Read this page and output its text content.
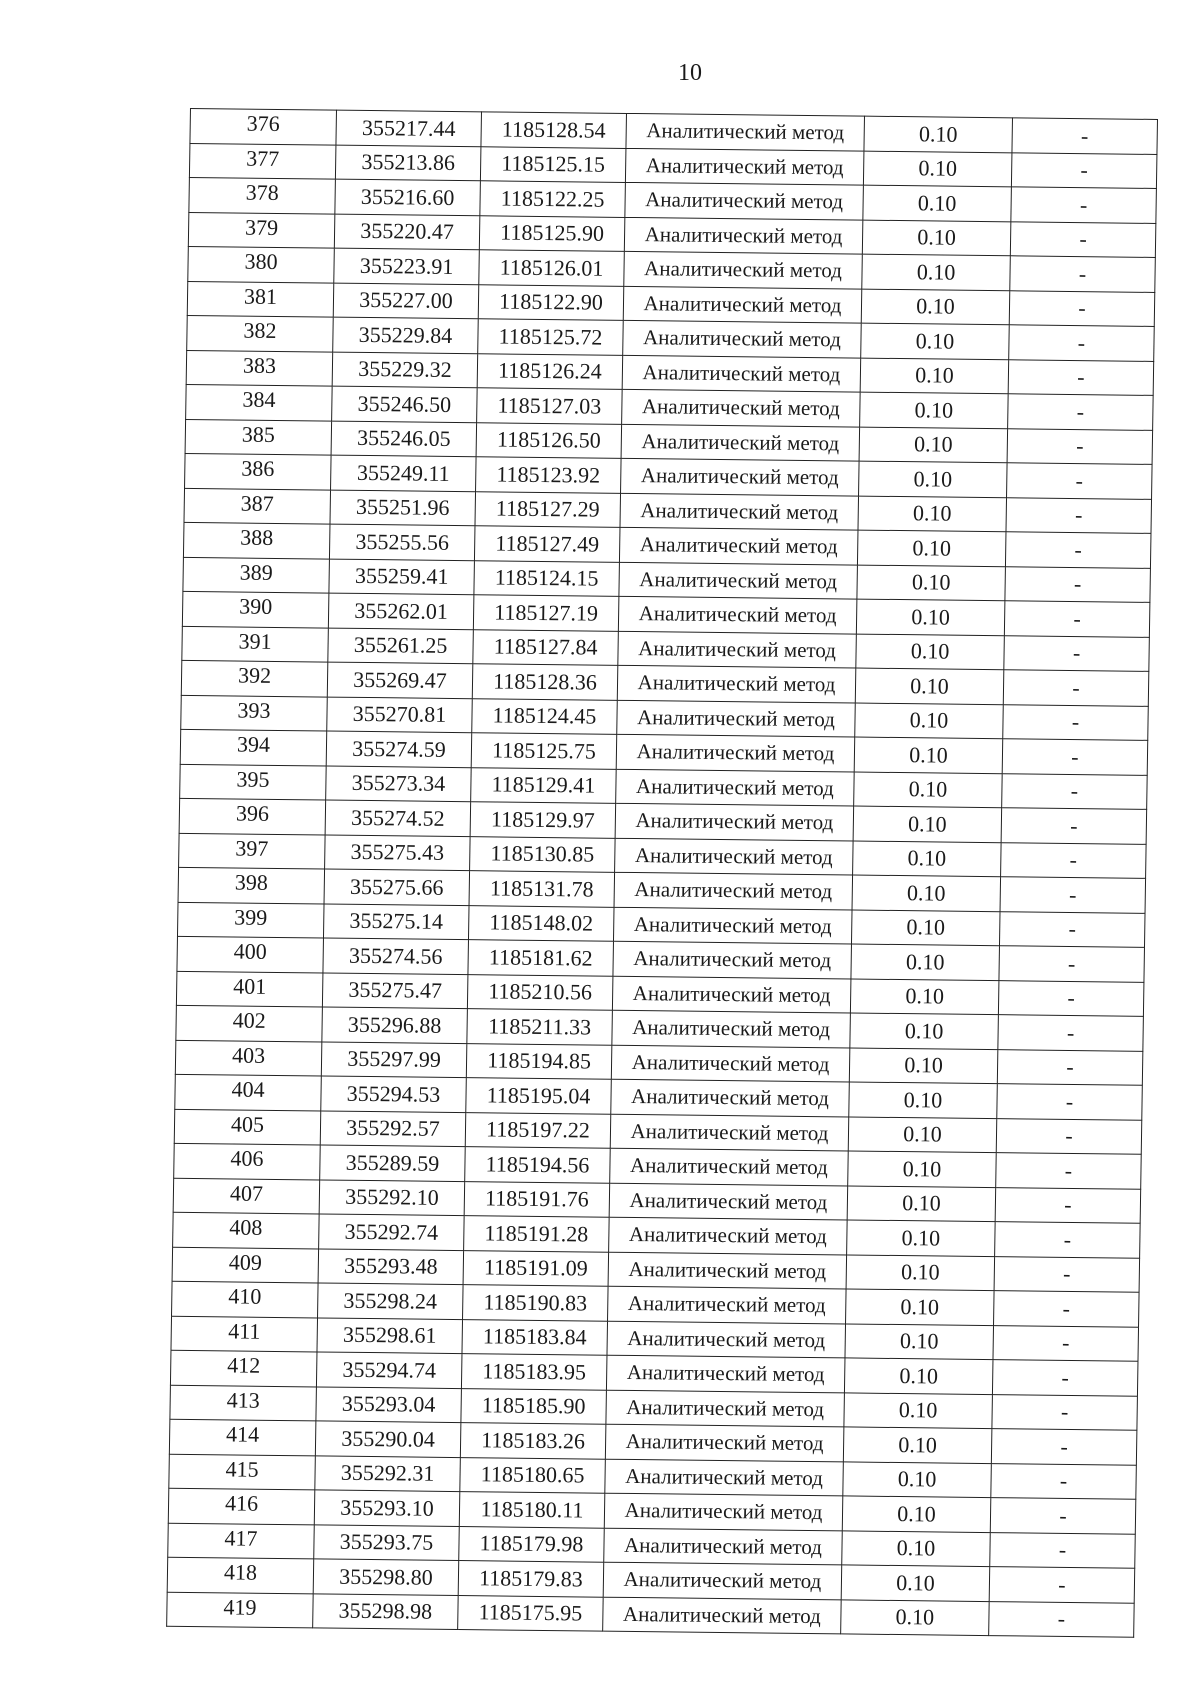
10
376	355217.44	1185128.54	Аналитический метод	0.10	-
377	355213.86	1185125.15	Аналитический метод	0.10	-
378	355216.60	1185122.25	Аналитический метод	0.10	-
379	355220.47	1185125.90	Аналитический метод	0.10	-
380	355223.91	1185126.01	Аналитический метод	0.10	-
381	355227.00	1185122.90	Аналитический метод	0.10	-
382	355229.84	1185125.72	Аналитический метод	0.10	-
383	355229.32	1185126.24	Аналитический метод	0.10	-
384	355246.50	1185127.03	Аналитический метод	0.10	-
385	355246.05	1185126.50	Аналитический метод	0.10	-
386	355249.11	1185123.92	Аналитический метод	0.10	-
387	355251.96	1185127.29	Аналитический метод	0.10	-
388	355255.56	1185127.49	Аналитический метод	0.10	-
389	355259.41	1185124.15	Аналитический метод	0.10	-
390	355262.01	1185127.19	Аналитический метод	0.10	-
391	355261.25	1185127.84	Аналитический метод	0.10	-
392	355269.47	1185128.36	Аналитический метод	0.10	-
393	355270.81	1185124.45	Аналитический метод	0.10	-
394	355274.59	1185125.75	Аналитический метод	0.10	-
395	355273.34	1185129.41	Аналитический метод	0.10	-
396	355274.52	1185129.97	Аналитический метод	0.10	-
397	355275.43	1185130.85	Аналитический метод	0.10	-
398	355275.66	1185131.78	Аналитический метод	0.10	-
399	355275.14	1185148.02	Аналитический метод	0.10	-
400	355274.56	1185181.62	Аналитический метод	0.10	-
401	355275.47	1185210.56	Аналитический метод	0.10	-
402	355296.88	1185211.33	Аналитический метод	0.10	-
403	355297.99	1185194.85	Аналитический метод	0.10	-
404	355294.53	1185195.04	Аналитический метод	0.10	-
405	355292.57	1185197.22	Аналитический метод	0.10	-
406	355289.59	1185194.56	Аналитический метод	0.10	-
407	355292.10	1185191.76	Аналитический метод	0.10	-
408	355292.74	1185191.28	Аналитический метод	0.10	-
409	355293.48	1185191.09	Аналитический метод	0.10	-
410	355298.24	1185190.83	Аналитический метод	0.10	-
411	355298.61	1185183.84	Аналитический метод	0.10	-
412	355294.74	1185183.95	Аналитический метод	0.10	-
413	355293.04	1185185.90	Аналитический метод	0.10	-
414	355290.04	1185183.26	Аналитический метод	0.10	-
415	355292.31	1185180.65	Аналитический метод	0.10	-
416	355293.10	1185180.11	Аналитический метод	0.10	-
417	355293.75	1185179.98	Аналитический метод	0.10	-
418	355298.80	1185179.83	Аналитический метод	0.10	-
419	355298.98	1185175.95	Аналитический метод	0.10	-
